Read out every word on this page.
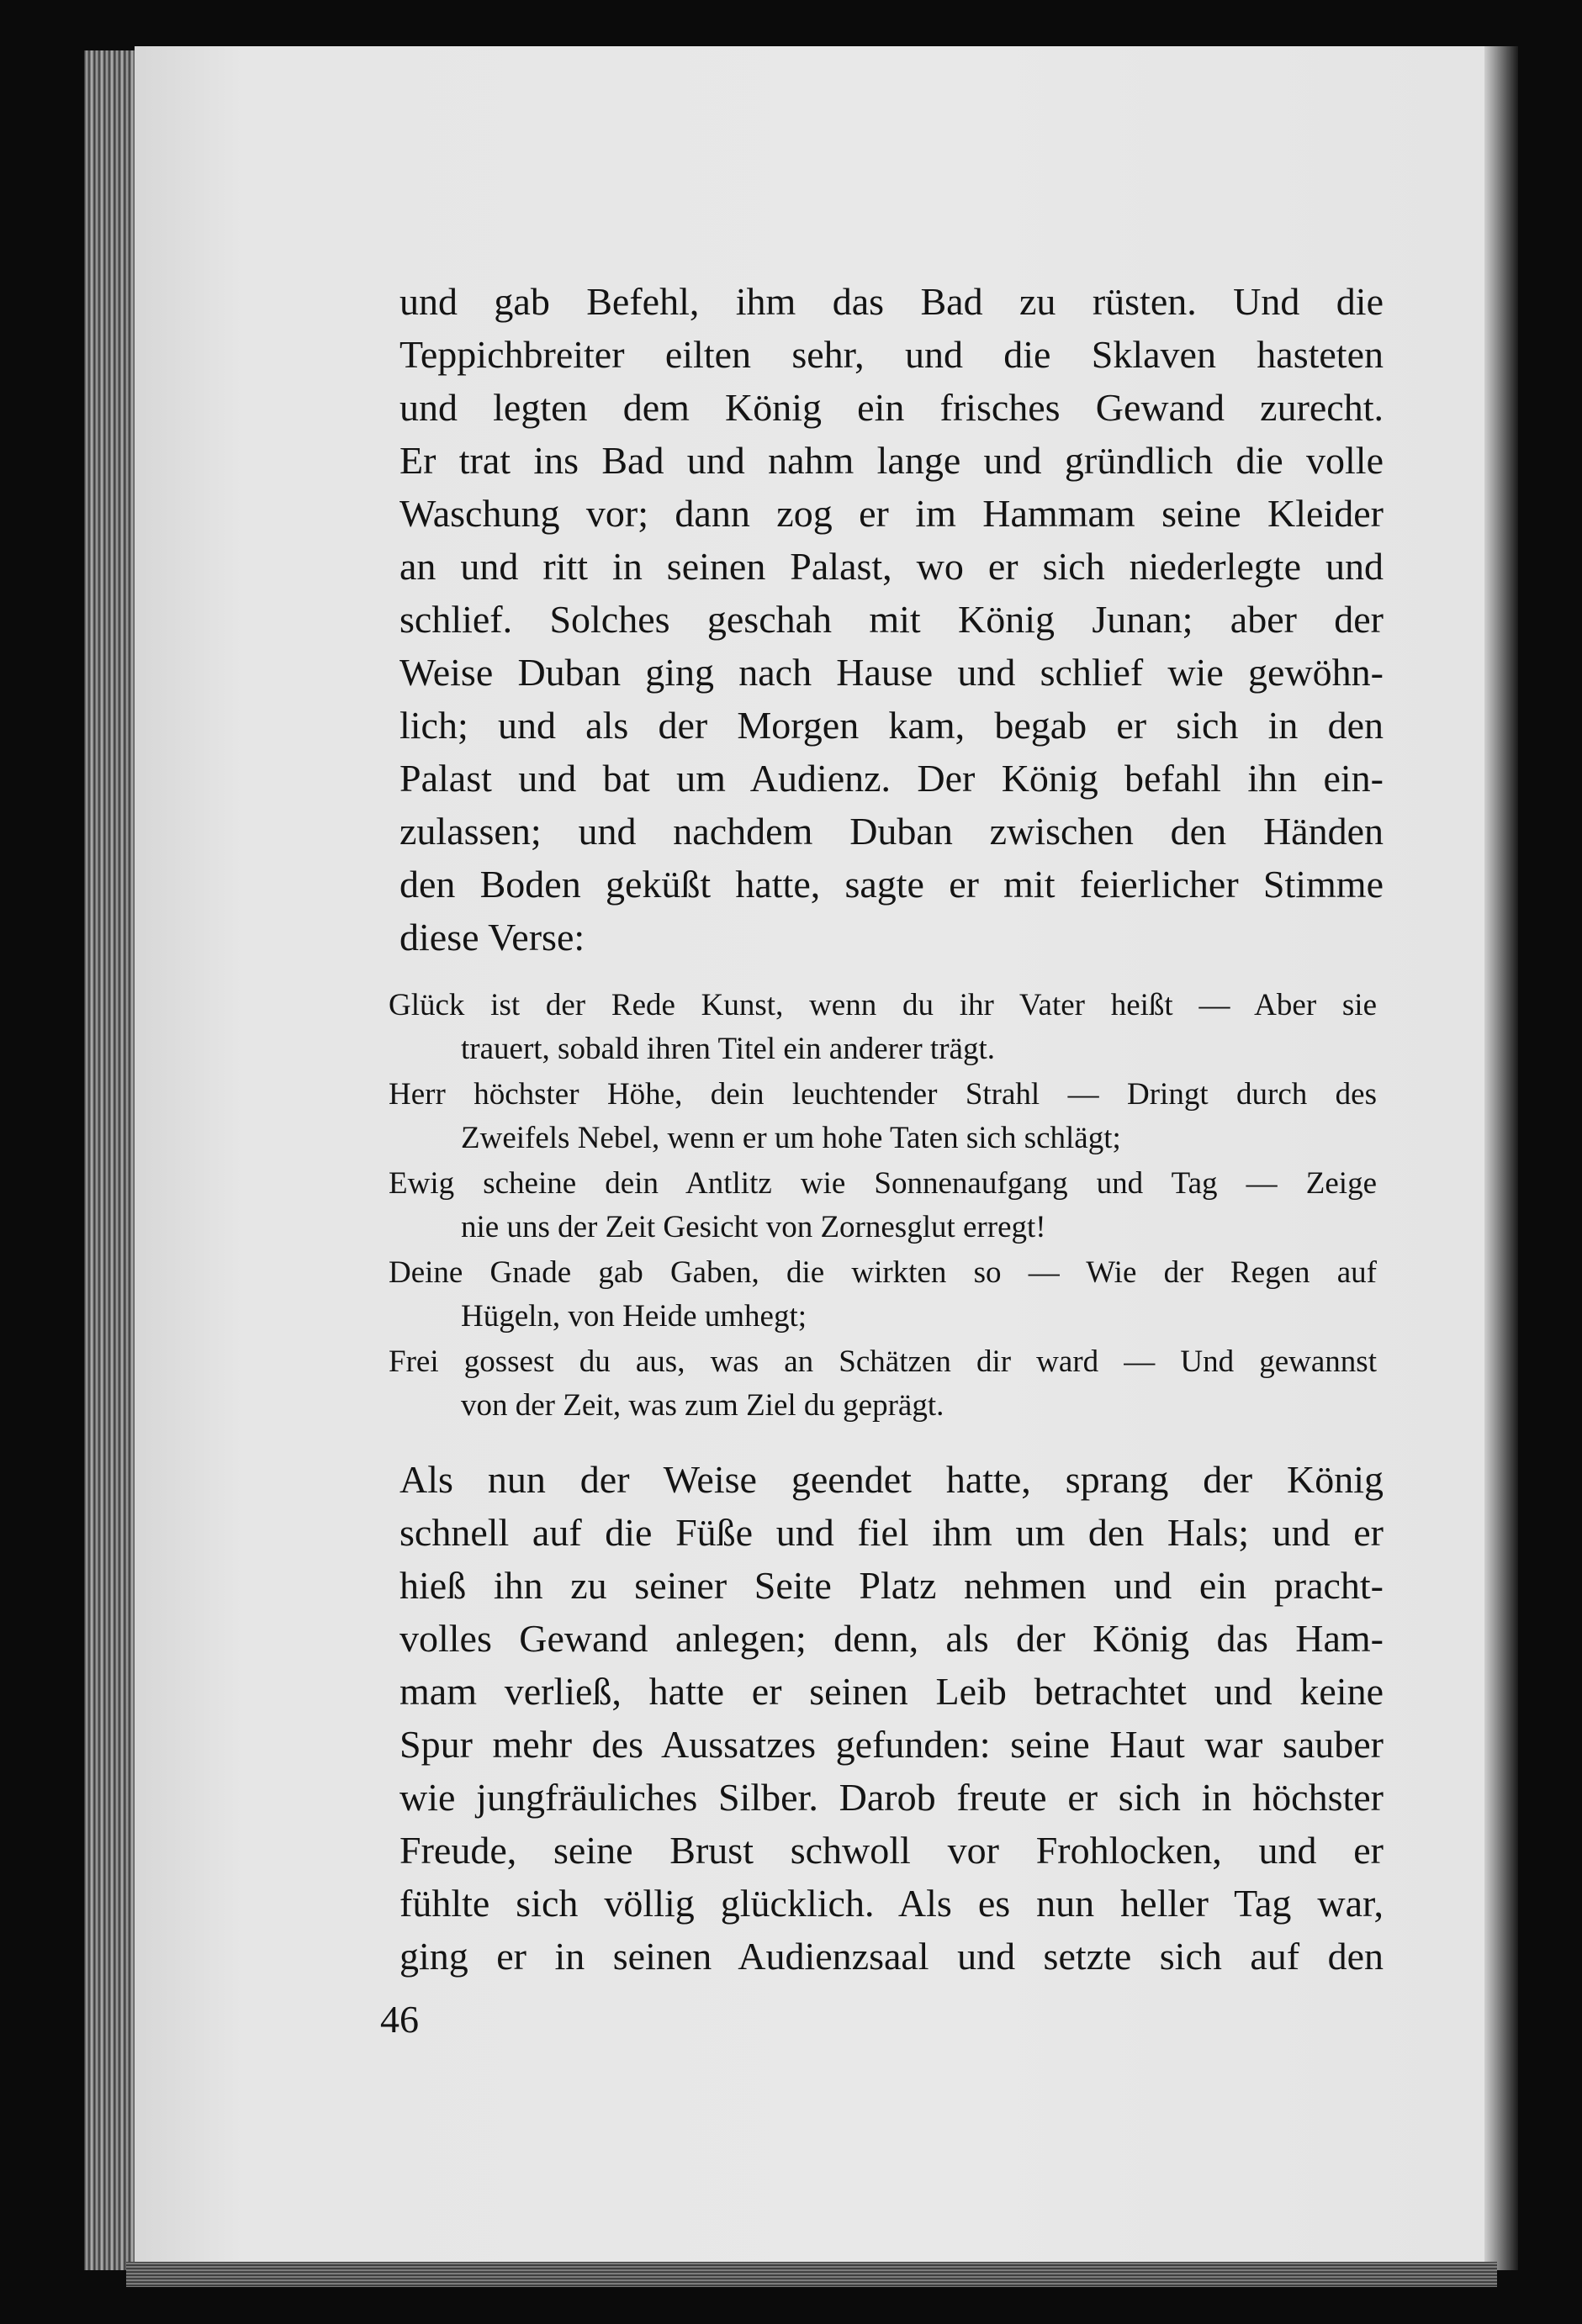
und gab Befehl, ihm das Bad zu rüsten. Und die
Teppichbreiter eilten sehr, und die Sklaven hasteten
und legten dem König ein frisches Gewand zurecht.
Er trat ins Bad und nahm lange und gründlich die volle
Waschung vor; dann zog er im Hammam seine Kleider
an und ritt in seinen Palast, wo er sich niederlegte und
schlief. Solches geschah mit König Junan; aber der
Weise Duban ging nach Hause und schlief wie gewöhn-
lich; und als der Morgen kam, begab er sich in den
Palast und bat um Audienz. Der König befahl ihn ein-
zulassen; und nachdem Duban zwischen den Händen
den Boden geküßt hatte, sagte er mit feierlicher Stimme
diese Verse:
Glück ist der Rede Kunst, wenn du ihr Vater heißt — Aber sie
trauert, sobald ihren Titel ein anderer trägt.
Herr höchster Höhe, dein leuchtender Strahl — Dringt durch des
Zweifels Nebel, wenn er um hohe Taten sich schlägt;
Ewig scheine dein Antlitz wie Sonnenaufgang und Tag — Zeige
nie uns der Zeit Gesicht von Zornesglut erregt!
Deine Gnade gab Gaben, die wirkten so — Wie der Regen auf
Hügeln, von Heide umhegt;
Frei gossest du aus, was an Schätzen dir ward — Und gewannst
von der Zeit, was zum Ziel du geprägt.
Als nun der Weise geendet hatte, sprang der König
schnell auf die Füße und fiel ihm um den Hals; und er
hieß ihn zu seiner Seite Platz nehmen und ein pracht-
volles Gewand anlegen; denn, als der König das Ham-
mam verließ, hatte er seinen Leib betrachtet und keine
Spur mehr des Aussatzes gefunden: seine Haut war sauber
wie jungfräuliches Silber. Darob freute er sich in höchster
Freude, seine Brust schwoll vor Frohlocken, und er
fühlte sich völlig glücklich. Als es nun heller Tag war,
ging er in seinen Audienzsaal und setzte sich auf den
46
